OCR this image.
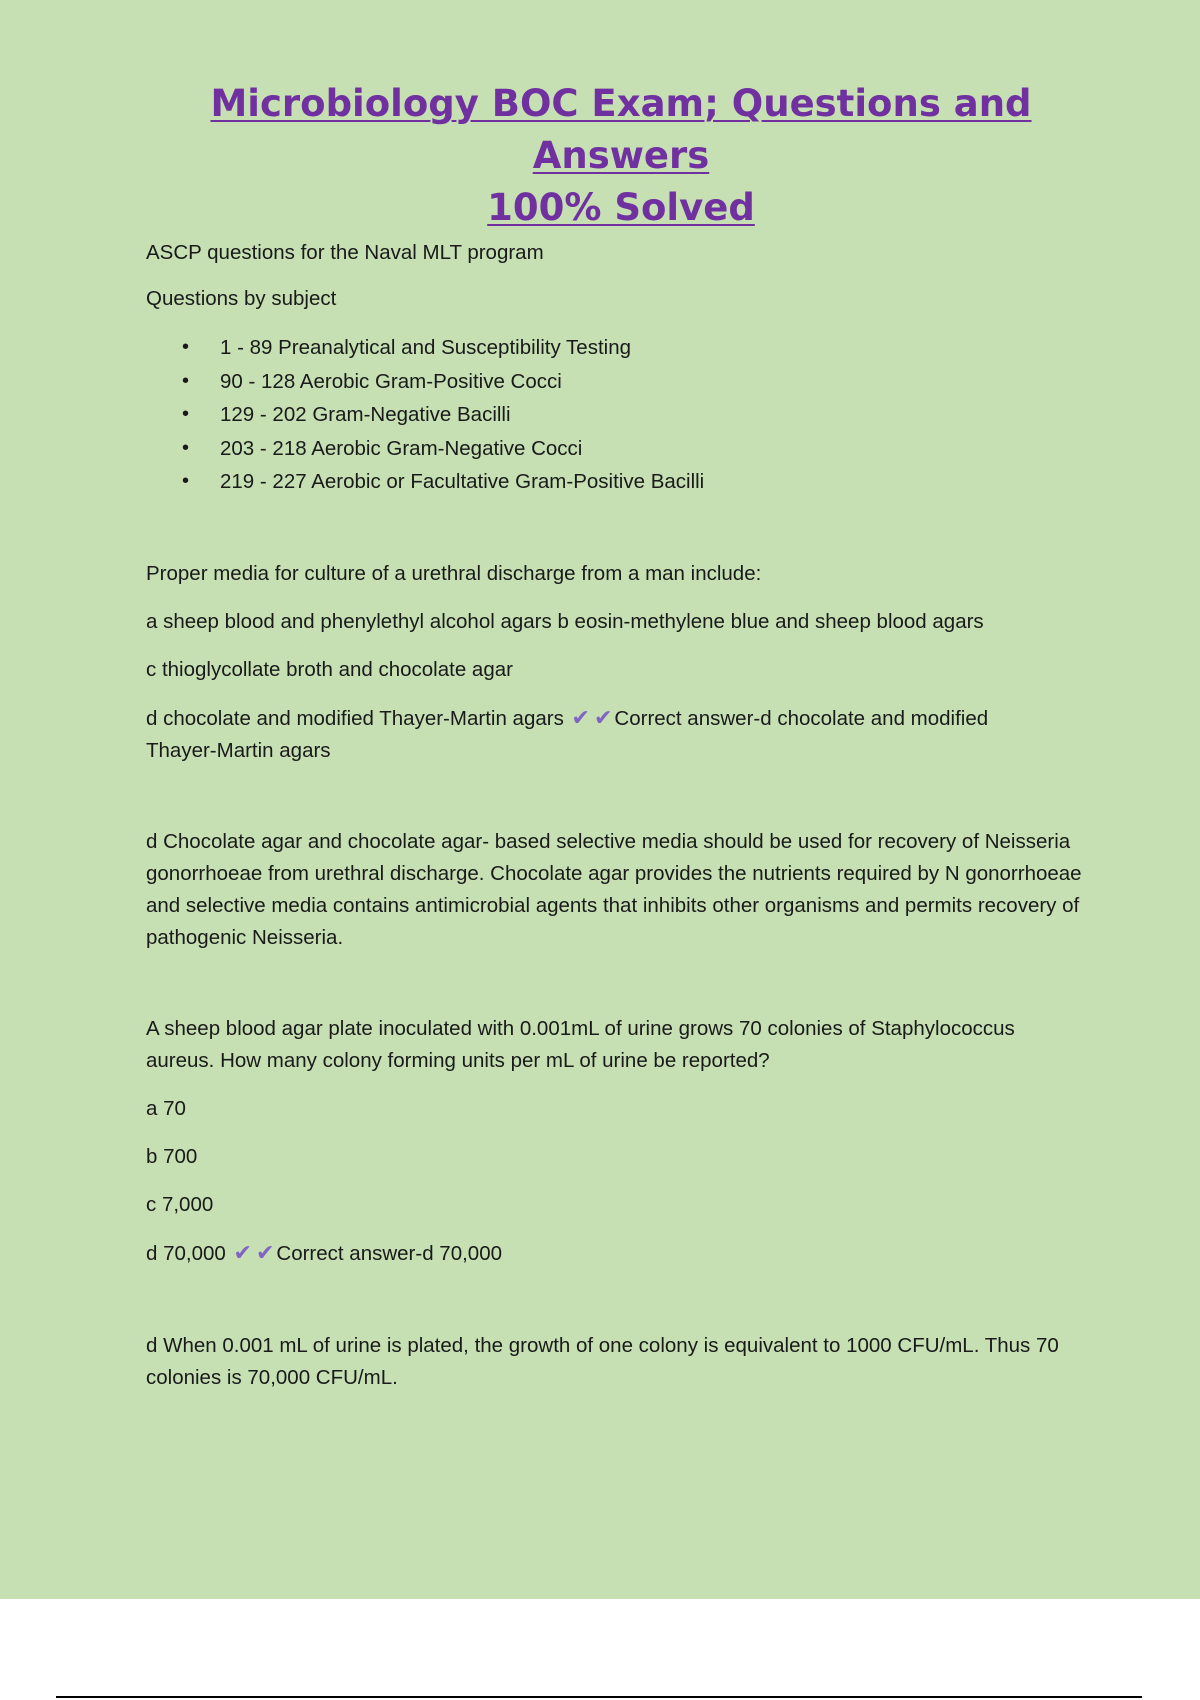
Microbiology BOC Exam; Questions and Answers
100% Solved

ASCP questions for the Naval MLT program

Questions by subject

• 1 - 89 Preanalytical and Susceptibility Testing
• 90 - 128 Aerobic Gram-Positive Cocci
• 129 - 202 Gram-Negative Bacilli
• 203 - 218 Aerobic Gram-Negative Cocci
• 219 - 227 Aerobic or Facultative Gram-Positive Bacilli

Proper media for culture of a urethral discharge from a man include:

a sheep blood and phenylethyl alcohol agars b eosin-methylene blue and sheep blood agars

c thioglycollate broth and chocolate agar

d chocolate and modified Thayer-Martin agars ✔ ✔Correct answer-d chocolate and modified
Thayer-Martin agars

d Chocolate agar and chocolate agar- based selective media should be used for recovery of Neisseria gonorrhoeae from urethral discharge. Chocolate agar provides the nutrients required by N gonorrhoeae and selective media contains antimicrobial agents that inhibits other organisms and permits recovery of pathogenic Neisseria.

A sheep blood agar plate inoculated with 0.001mL of urine grows 70 colonies of Staphylococcus aureus. How many colony forming units per mL of urine be reported?

a 70

b 700

c 7,000

d 70,000 ✔ ✔Correct answer-d 70,000

d When 0.001 mL of urine is plated, the growth of one colony is equivalent to 1000 CFU/mL. Thus 70 colonies is 70,000 CFU/mL.
